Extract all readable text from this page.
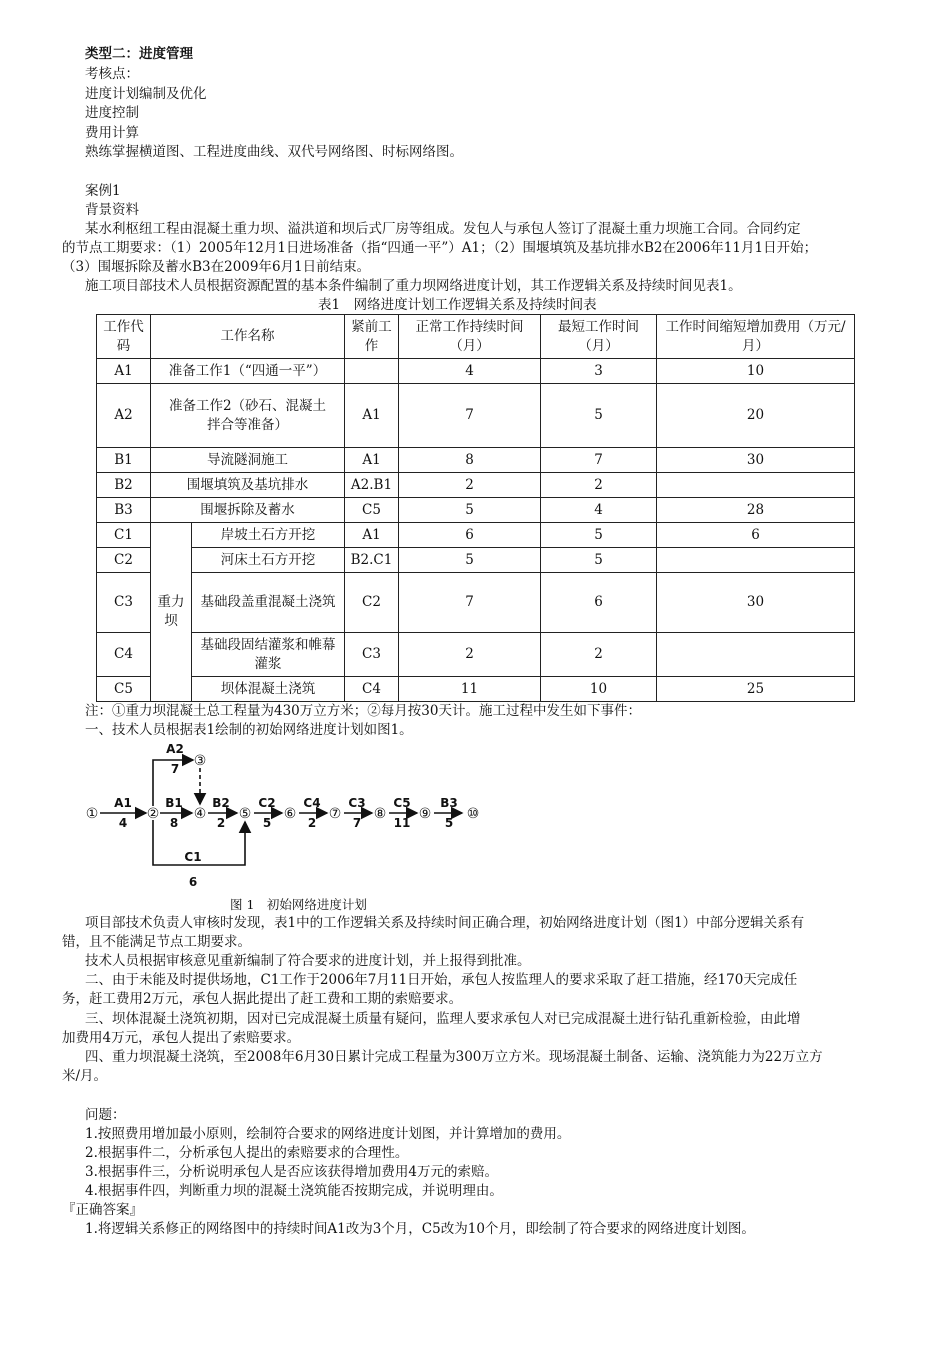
类型二：进度管理
考核点：
进度计划编制及优化
进度控制
费用计算
熟练掌握横道图、工程进度曲线、双代号网络图、时标网络图。
案例1
背景资料
某水利枢纽工程由混凝土重力坝、溢洪道和坝后式厂房等组成。发包人与承包人签订了混凝土重力坝施工合同。合同约定
的节点工期要求：（1）2005年12月1日进场准备（指“四通一平”）A1；（2）围堰填筑及基坑排水B2在2006年11月1日开始；
（3）围堰拆除及蓄水B3在2009年6月1日前结束。
施工项目部技术人员根据资源配置的基本条件编制了重力坝网络进度计划，其工作逻辑关系及持续时间见表1。
表1　网络进度计划工作逻辑关系及持续时间表
工作代码	工作名称		紧前工作	正常工作持续时间（月）	最短工作时间（月）	工作时间缩短增加费用（万元/月）
A1	准备工作1（“四通一平”）			4	3	10
A2	准备工作2（砂石、混凝土拌合等准备）		A1	7	5	20
B1	导流隧洞施工		A1	8	7	30
B2	围堰填筑及基坑排水		A2.B1	2	2	
B3	围堰拆除及蓄水		C5	5	4	28
C1	重力坝	岸坡土石方开挖	A1	6	5	6
C2		河床土石方开挖	B2.C1	5	5	
C3		基础段盖重混凝土浇筑	C2	7	6	30
C4		基础段固结灌浆和帷幕灌浆	C3	2	2	
C5		坝体混凝土浇筑	C4	11	10	25
注：①重力坝混凝土总工程量为430万立方米；②每月按30天计。施工过程中发生如下事件：
一、技术人员根据表1绘制的初始网络进度计划如图1。
①	②
③
④ ⑤ ⑥ ⑦ ⑧ ⑨	⑩
A1
4
A2
7
B1
8
B2
2
C2
5
C4
2
C3
7
C5
11
B3
5
C1
6
图 1　初始网络进度计划
项目部技术负责人审核时发现，表1中的工作逻辑关系及持续时间正确合理，初始网络进度计划（图1）中部分逻辑关系有
错，且不能满足节点工期要求。
技术人员根据审核意见重新编制了符合要求的进度计划，并上报得到批准。
二、由于未能及时提供场地，C1工作于2006年7月11日开始，承包人按监理人的要求采取了赶工措施，经170天完成任
务，赶工费用2万元，承包人据此提出了赶工费和工期的索赔要求。
三、坝体混凝土浇筑初期，因对已完成混凝土质量有疑问，监理人要求承包人对已完成混凝土进行钻孔重新检验，由此增
加费用4万元，承包人提出了索赔要求。
四、重力坝混凝土浇筑，至2008年6月30日累计完成工程量为300万立方米。现场混凝土制备、运输、浇筑能力为22万立方
米/月。
问题：
1.按照费用增加最小原则，绘制符合要求的网络进度计划图，并计算增加的费用。
2.根据事件二，分析承包人提出的索赔要求的合理性。
3.根据事件三，分析说明承包人是否应该获得增加费用4万元的索赔。
4.根据事件四，判断重力坝的混凝土浇筑能否按期完成，并说明理由。
『正确答案』
1.将逻辑关系修正的网络图中的持续时间A1改为3个月，C5改为10个月，即绘制了符合要求的网络进度计划图。
